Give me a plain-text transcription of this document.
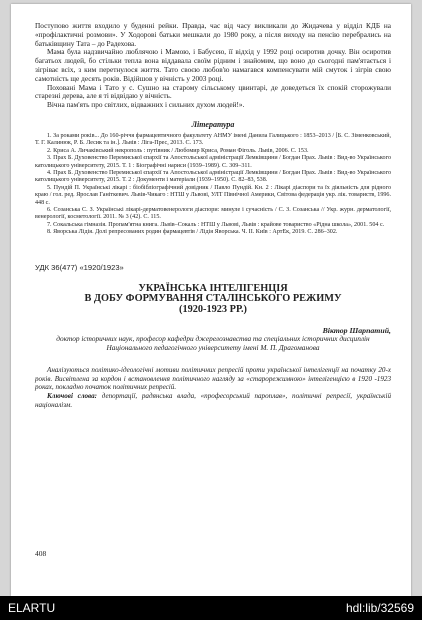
Поступово життя входило у буденні рейки. Правда, час від часу викликали до Жидачева у відділ КДБ на «профілактичні розмови». У Ходорові батьки мешкали до 1980 року, а після виходу на пенсію перебрались на батьківщину Тата – до Радехова.

Мама була надзвичайно люблячою і Мамою, і Бабусею, її відхід у 1992 році осиротив дочку. Він осиротив багатьох людей, бо стільки тепла вона віддавала своїм рідним і знайомим, що воно до сьогодні пам'ятається і зігріває всіх, з ким перетнулося життя. Тато своєю любов'ю намагався компенсувати мій смуток і зігрів свою самотність ще десять років. Відійшов у вічність у 2003 році.

Поховані Мама і Тато у с. Сушно на старому сільському цвинтарі, де доведеться їх спокій сторожували старезні дерева, але я ті відвідаю у вічність.

Вічна пам'ять про світлих, відважних і сильних духом людей!».

Література

1. За роками років... До 160-річчя фармацевтичного факультету АНМУ імені Данила Галицького : 1853–2013 / [Б. С. Зіменковський, Т. Г. Калинюк, Р. Б. Лесик та ін.]. Львів : Ліга-Прес, 2013. С. 173.

2. Криса А. Личаківський некрополь : путівник / Любомир Криса, Роман Фіголь. Львів, 2006. С. 153.

3. Прах Б. Духовенство Перемиської єпархії та Апостольської адміністрації Лемківщини / Богдан Прах. Львів : Вид-во Українського католицького університету, 2015. Т. 1 : Біографічні нариси (1939–1989). С. 309–311.

4. Прах Б. Духовенство Перемиської єпархії та Апостольської адміністрації Лемківщини / Богдан Прах. Львів : Вид-во Українського католицького університету, 2015. Т. 2 : Документи і матеріали (1939–1950). С. 82–83, 538.

5. Пундій П. Українські лікарі : біобібліографічний довідник / Павло Пундій. Кн. 2 : Лікарі діаспори та їх діяльність для рідного краю / гол. ред. Ярослав Ганіткевич. Львів-Чикаго : НТШ у Львові, УЛТ Північної Америки, Світова федерація укр. лік. товариств, 1996. 448 с.

6. Созанська С. З. Українські лікарі-дерматовенерологи діаспори: минуле і сучасність / С. З. Созанська // Укр. журн. дерматології, венерології, косметології. 2011. № 3 (42). С. 115.

7. Сокальська гімназія. Пропам'ятна книга. Львів–Сокаль : НТШ у Львові, Львів : крайове товариство «Рідна школа», 2001. 504 с.

8. Яворська Лідія. Долі репресованих родин фармацевтів / Лідія Яворська. Ч. ІІ. Київ : АртЕк, 2019. С. 286–302.

УДК 36(477) «1920/1923»
УКРАЇНСЬКА ІНТЕЛІГЕНЦІЯ
В ДОБУ ФОРМУВАННЯ СТАЛІНСЬКОГО РЕЖИМУ
(1920-1923 РР.)
Віктор Шарпатий,
доктор історичних наук, професор кафедри джерелознавства та спеціальних історичних дисциплін Національного педагогічного університету імені М. П. Драгоманова

Аналізуються політико-ідеологічні мотиви політичних репресій проти української інтелігенції на початку 20-х років. Висвітлена за кордон і встановлення політичного нагляду за «старорежимною» інтелігенцією в 1920 -1923 роках, покладно початок політичних репресій.

Ключові слова: депортації, радянська влада, «професорський пароплав», політичні репресії, українській націоналізм.

408
ELARTU	hdl:lib/32569
